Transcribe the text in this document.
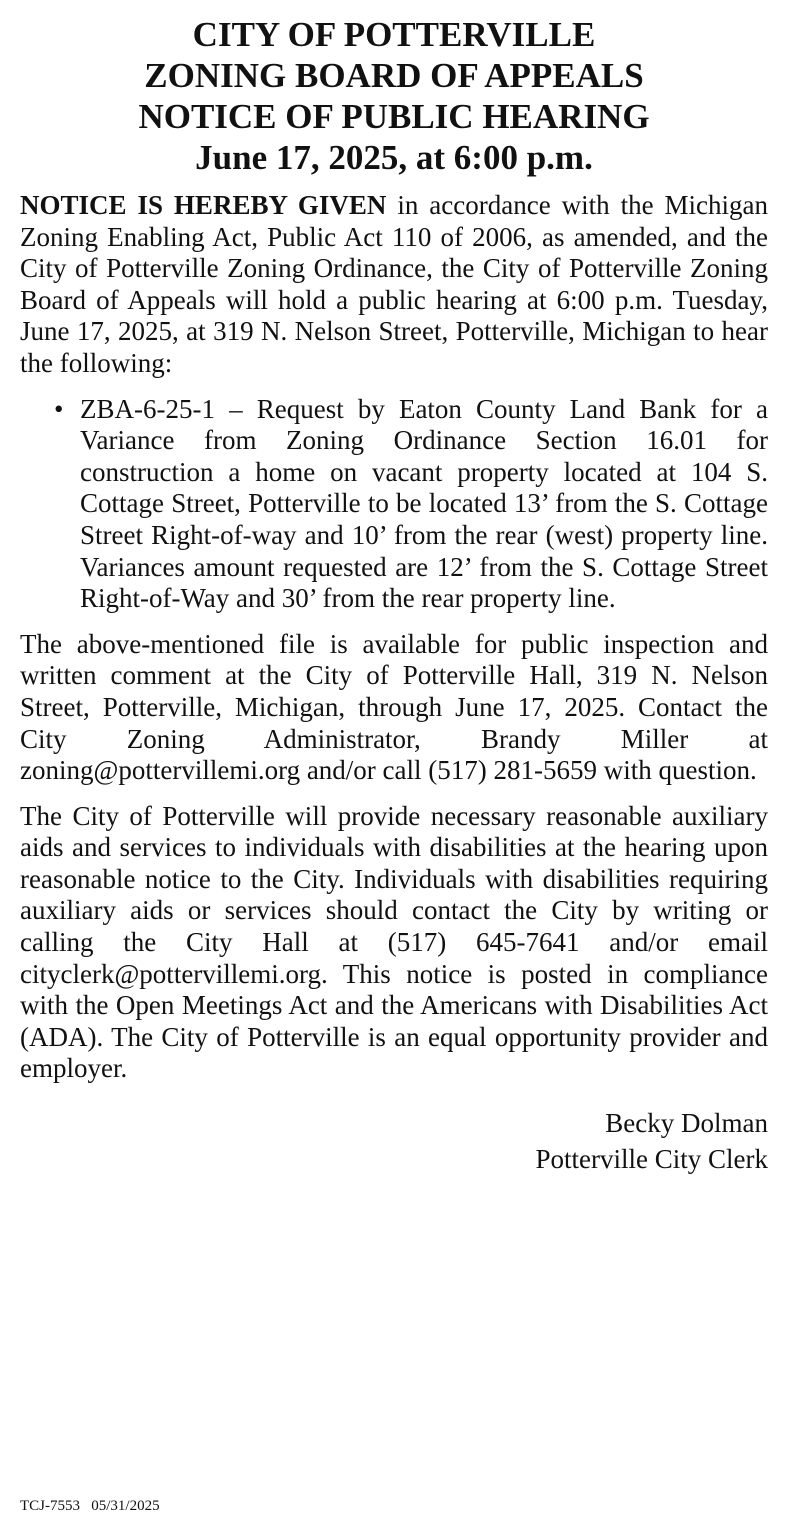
CITY OF POTTERVILLE
ZONING BOARD OF APPEALS
NOTICE OF PUBLIC HEARING
June 17, 2025, at 6:00 p.m.

NOTICE IS HEREBY GIVEN in accordance with the Michigan Zoning Enabling Act, Public Act 110 of 2006, as amended, and the City of Potterville Zoning Ordinance, the City of Potterville Zoning Board of Appeals will hold a public hearing at 6:00 p.m. Tuesday, June 17, 2025, at 319 N. Nelson Street, Potterville, Michigan to hear the following:

• ZBA-6-25-1 – Request by Eaton County Land Bank for a Variance from Zoning Ordinance Section 16.01 for construction a home on vacant property located at 104 S. Cottage Street, Potterville to be located 13’ from the S. Cottage Street Right-of-way and 10’ from the rear (west) property line. Variances amount requested are 12’ from the S. Cottage Street Right-of-Way and 30’ from the rear property line.

The above-mentioned file is available for public inspection and written comment at the City of Potterville Hall, 319 N. Nelson Street, Potterville, Michigan, through June 17, 2025. Contact the City Zoning Administrator, Brandy Miller at zoning@pottervillemi.org and/or call (517) 281-5659 with question.

The City of Potterville will provide necessary reasonable auxiliary aids and services to individuals with disabilities at the hearing upon reasonable notice to the City. Individuals with disabilities requiring auxiliary aids or services should contact the City by writing or calling the City Hall at (517) 645-7641 and/or email cityclerk@pottervillemi.​org. This notice is posted in compliance with the Open Meetings Act and the Americans with Disabilities Act (ADA). The City of Potterville is an equal opportunity provider and employer.

Becky Dolman
Potterville City Clerk
TCJ-7553   05/31/2025
